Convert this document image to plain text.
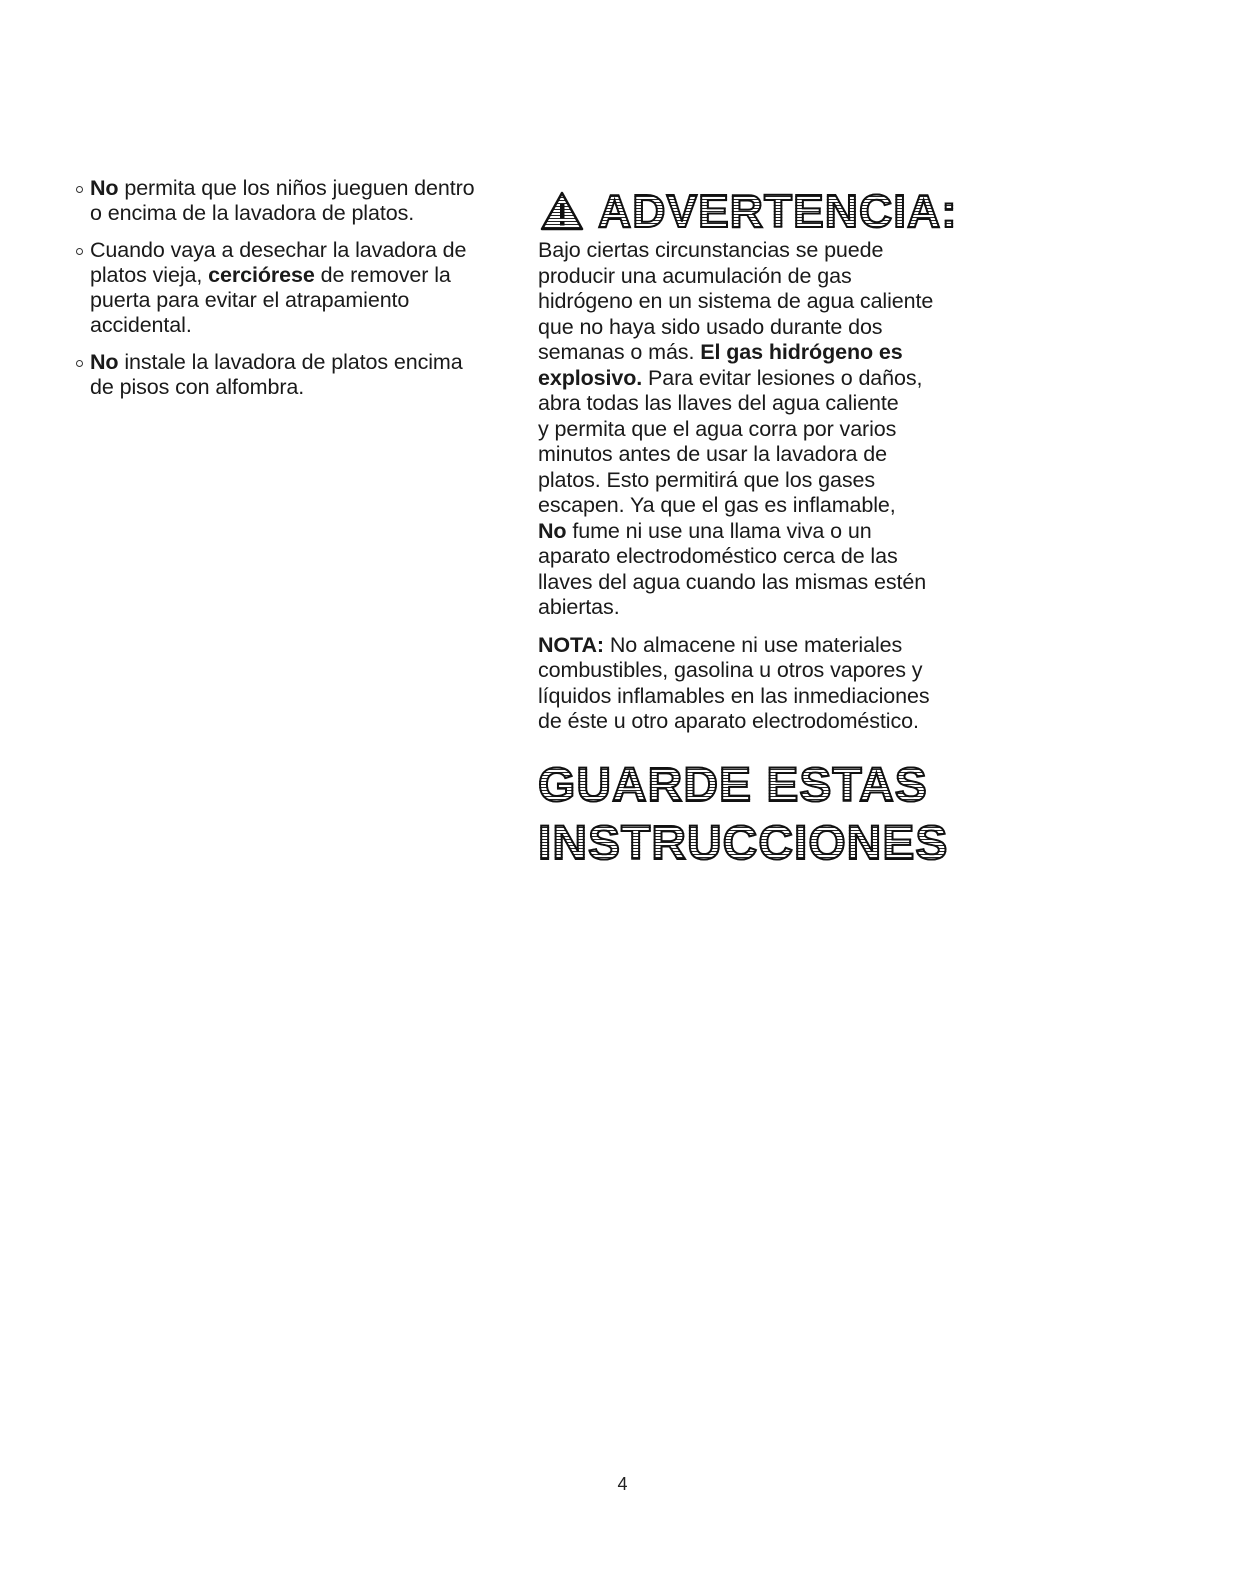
No permita que los niños jueguen dentro
o encima de la lavadora de platos.
Cuando vaya a desechar la lavadora de
platos vieja, cerciórese de remover la
puerta para evitar el atrapamiento
accidental.
No instale la lavadora de platos encima
de pisos con alfombra.
ADVERTENCIA:
Bajo ciertas circunstancias se puede
producir una acumulación de gas
hidrógeno en un sistema de agua caliente
que no haya sido usado durante dos
semanas o más. El gas hidrógeno es
explosivo. Para evitar lesiones o daños,
abra todas las llaves del agua caliente
y permita que el agua corra por varios
minutos antes de usar la lavadora de
platos. Esto permitirá que los gases
escapen. Ya que el gas es inflamable,
No fume ni use una llama viva o un
aparato electrodoméstico cerca de las
llaves del agua cuando las mismas estén
abiertas.
NOTA: No almacene ni use materiales
combustibles, gasolina u otros vapores y
líquidos inflamables en las inmediaciones
de éste u otro aparato electrodoméstico.
GUARDE ESTAS
INSTRUCCIONES
4
